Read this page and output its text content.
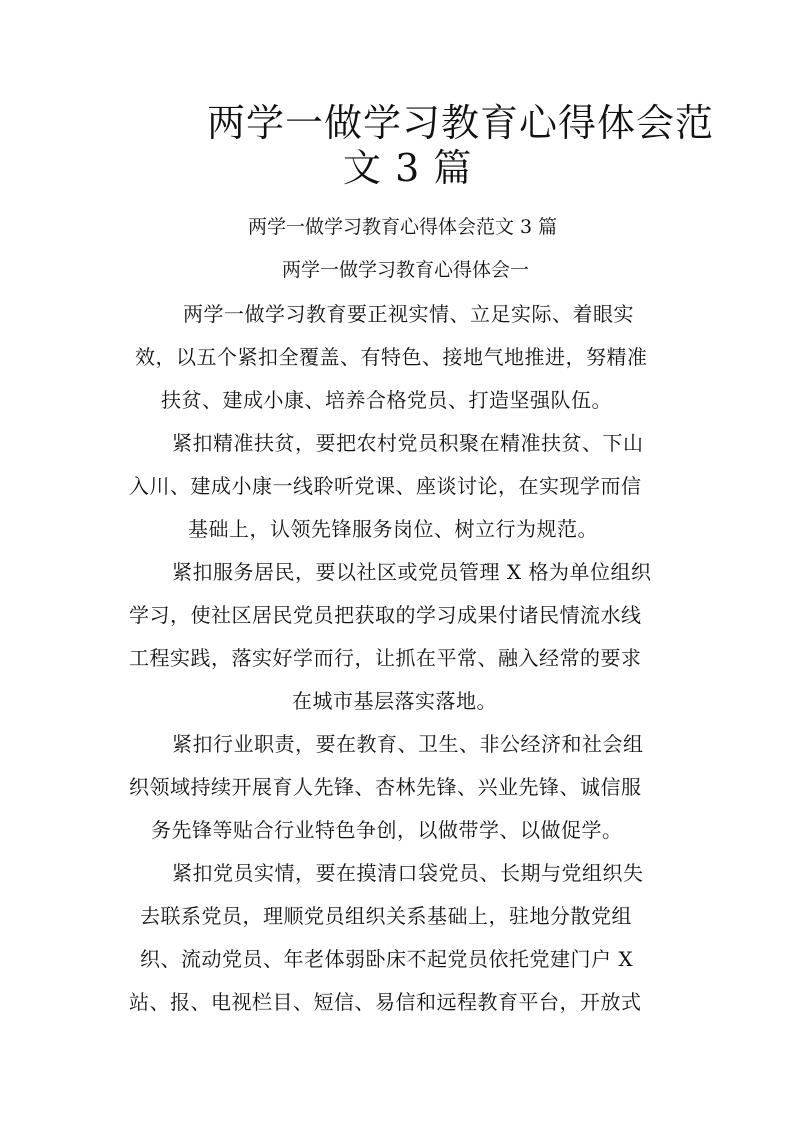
两学一做学习教育心得体会范
文 3 篇

两学一做学习教育心得体会范文 3 篇

两学一做学习教育心得体会一

两学一做学习教育要正视实情、立足实际、着眼实

效，以五个紧扣全覆盖、有特色、接地气地推进，努精准

扶贫、建成小康、培养合格党员、打造坚强队伍。

紧扣精准扶贫，要把农村党员积聚在精准扶贫、下山

入川、建成小康一线聆听党课、座谈讨论，在实现学而信

基础上，认领先锋服务岗位、树立行为规范。

紧扣服务居民，要以社区或党员管理 X 格为单位组织

学习，使社区居民党员把获取的学习成果付诸民情流水线

工程实践，落实好学而行，让抓在平常、融入经常的要求

在城市基层落实落地。

紧扣行业职责，要在教育、卫生、非公经济和社会组

织领域持续开展育人先锋、杏林先锋、兴业先锋、诚信服

务先锋等贴合行业特色争创，以做带学、以做促学。

紧扣党员实情，要在摸清口袋党员、长期与党组织失

去联系党员，理顺党员组织关系基础上，驻地分散党组

织、流动党员、年老体弱卧床不起党员依托党建门户 X

站、报、电视栏目、短信、易信和远程教育平台，开放式
